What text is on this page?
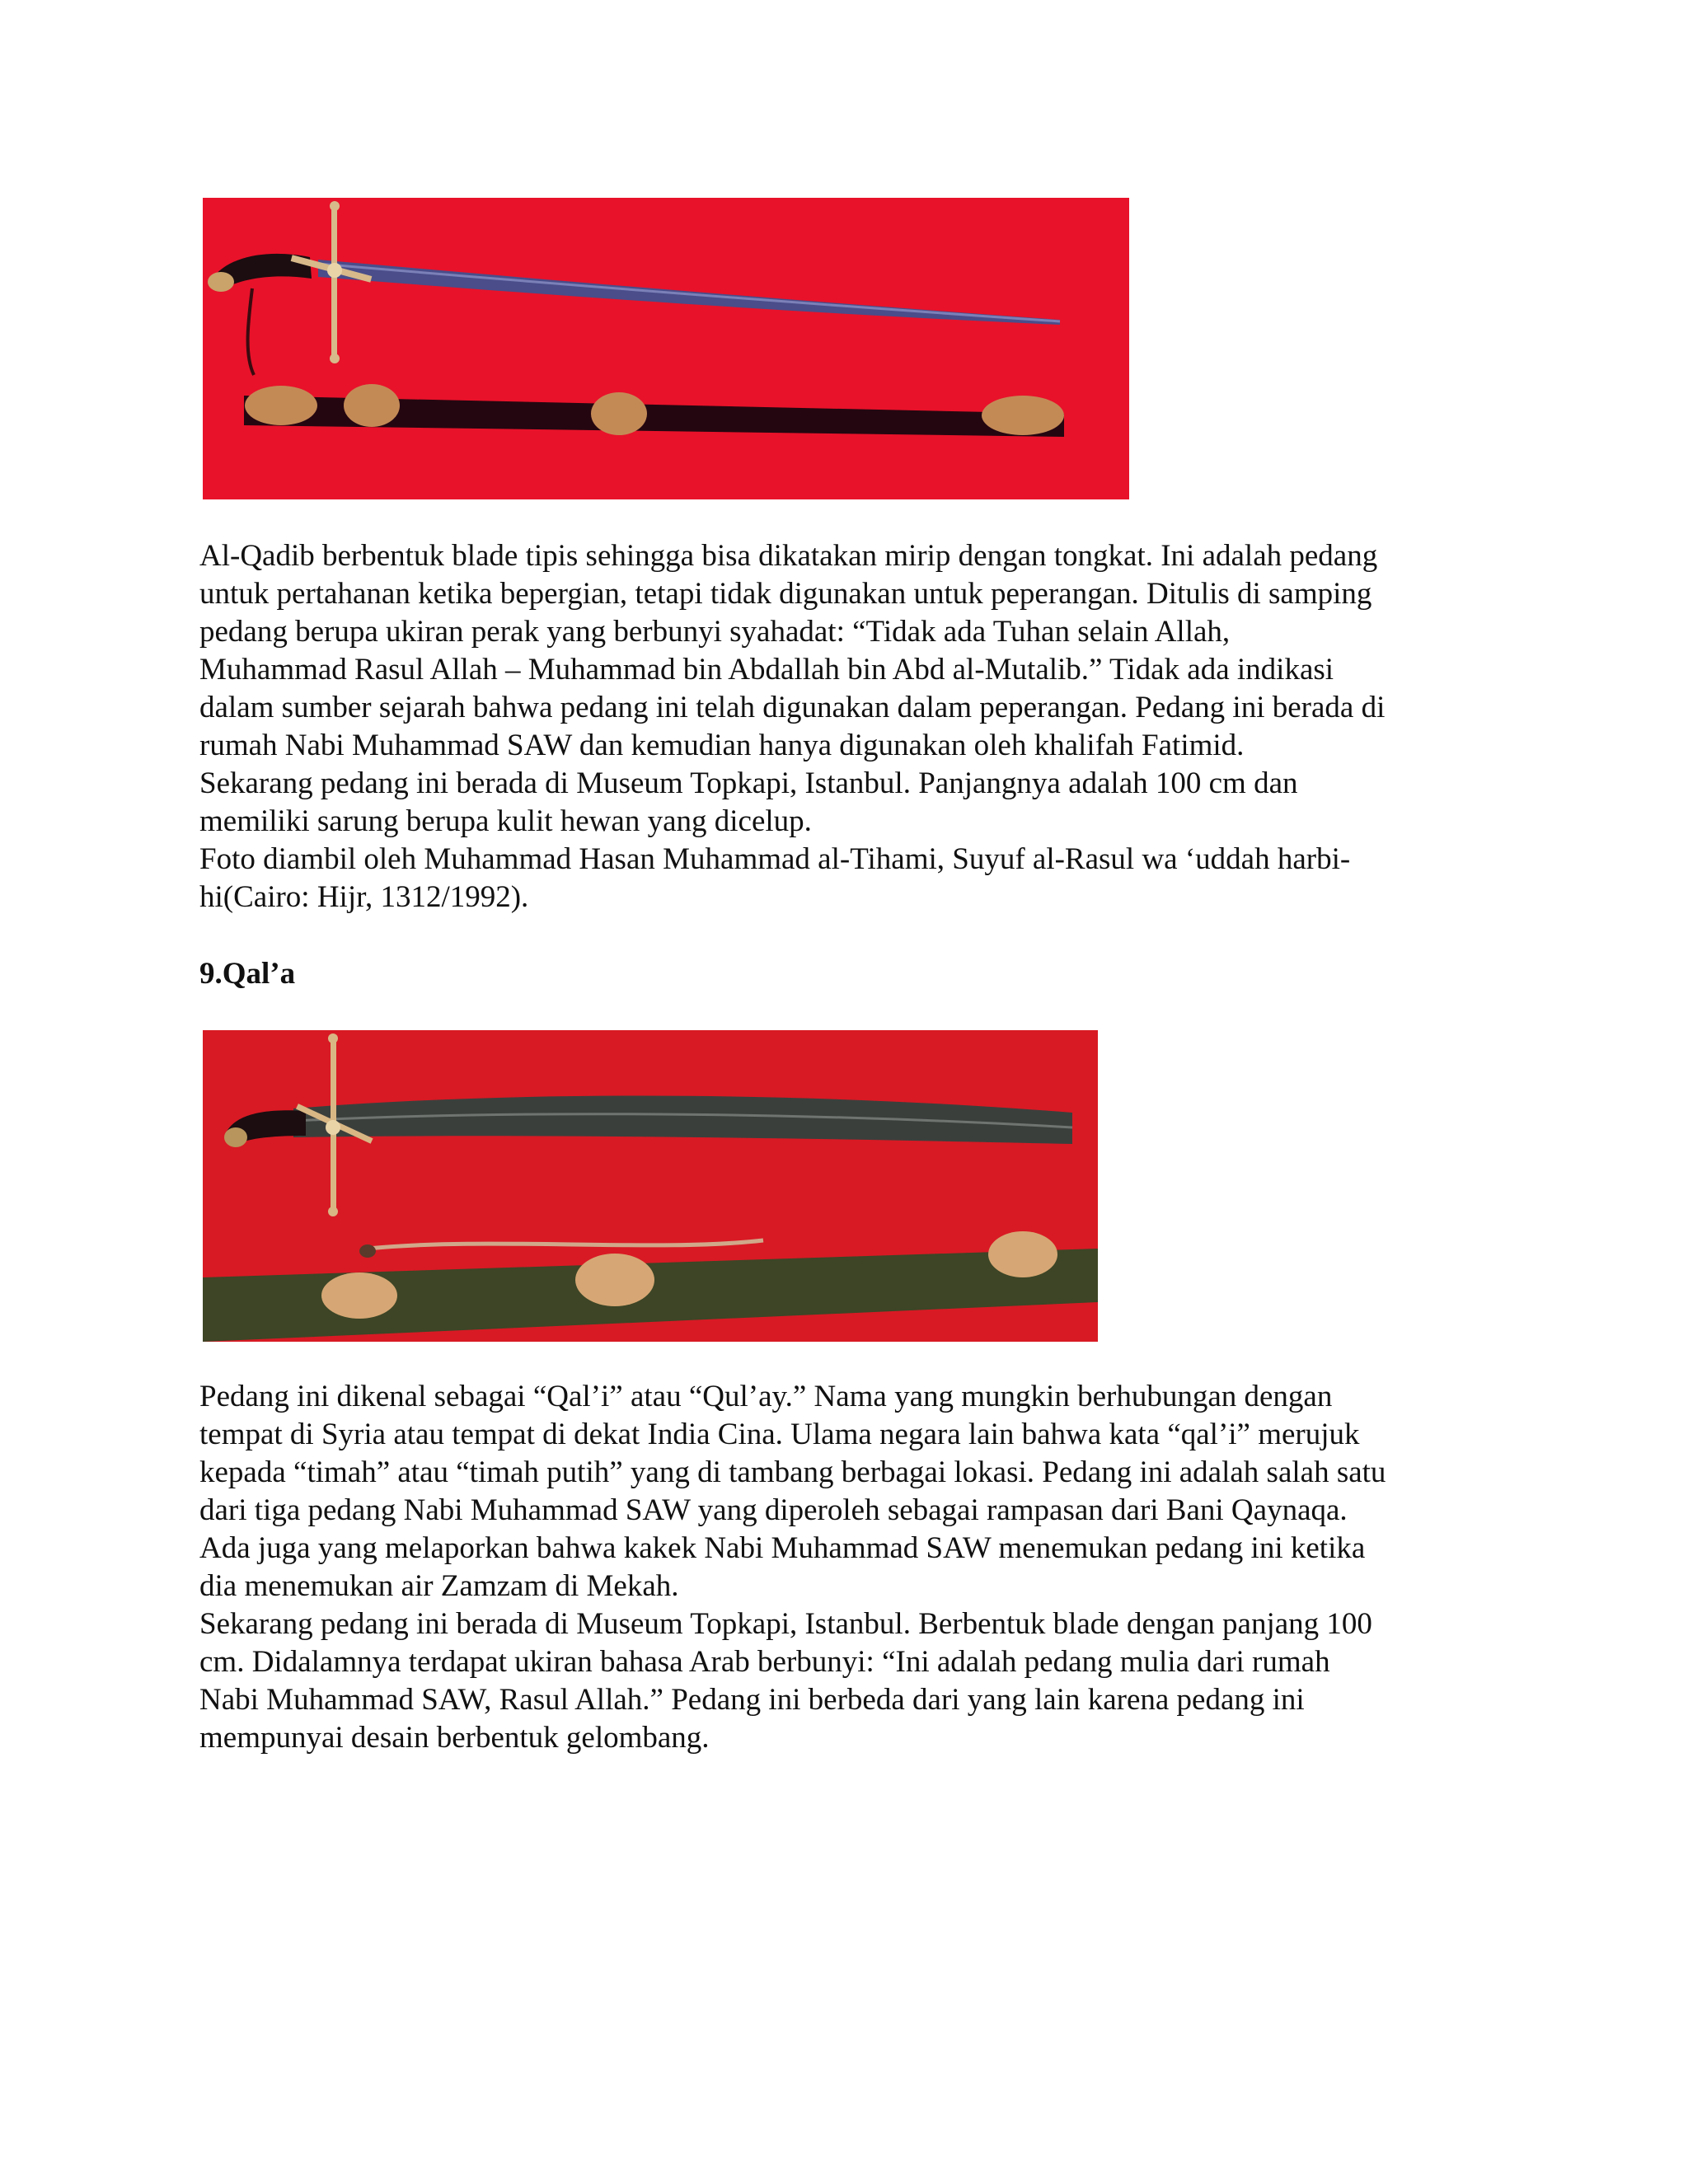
Al-Qadib berbentuk blade tipis sehingga bisa dikatakan mirip dengan tongkat. Ini adalah pedang
untuk pertahanan ketika bepergian, tetapi tidak digunakan untuk peperangan. Ditulis di samping
pedang berupa ukiran perak yang berbunyi syahadat: “Tidak ada Tuhan selain Allah,
Muhammad Rasul Allah – Muhammad bin Abdallah bin Abd al-Mutalib.” Tidak ada indikasi
dalam sumber sejarah bahwa pedang ini telah digunakan dalam peperangan. Pedang ini berada di
rumah Nabi Muhammad SAW dan kemudian hanya digunakan oleh khalifah Fatimid.
Sekarang pedang ini berada di Museum Topkapi, Istanbul. Panjangnya adalah 100 cm dan
memiliki sarung berupa kulit hewan yang dicelup.
Foto diambil oleh Muhammad Hasan Muhammad al-Tihami, Suyuf al-Rasul wa ‘uddah harbi-
hi(Cairo: Hijr, 1312/1992).

9.Qal’a

Pedang ini dikenal sebagai “Qal’i” atau “Qul’ay.” Nama yang mungkin berhubungan dengan
tempat di Syria atau tempat di dekat India Cina. Ulama negara lain bahwa kata “qal’i” merujuk
kepada “timah” atau “timah putih” yang di tambang berbagai lokasi. Pedang ini adalah salah satu
dari tiga pedang Nabi Muhammad SAW yang diperoleh sebagai rampasan dari Bani Qaynaqa.
Ada juga yang melaporkan bahwa kakek Nabi Muhammad SAW menemukan pedang ini ketika
dia menemukan air Zamzam di Mekah.
Sekarang pedang ini berada di Museum Topkapi, Istanbul. Berbentuk blade dengan panjang 100
cm. Didalamnya terdapat ukiran bahasa Arab berbunyi: “Ini adalah pedang mulia dari rumah
Nabi Muhammad SAW, Rasul Allah.” Pedang ini berbeda dari yang lain karena pedang ini
mempunyai desain berbentuk gelombang.
